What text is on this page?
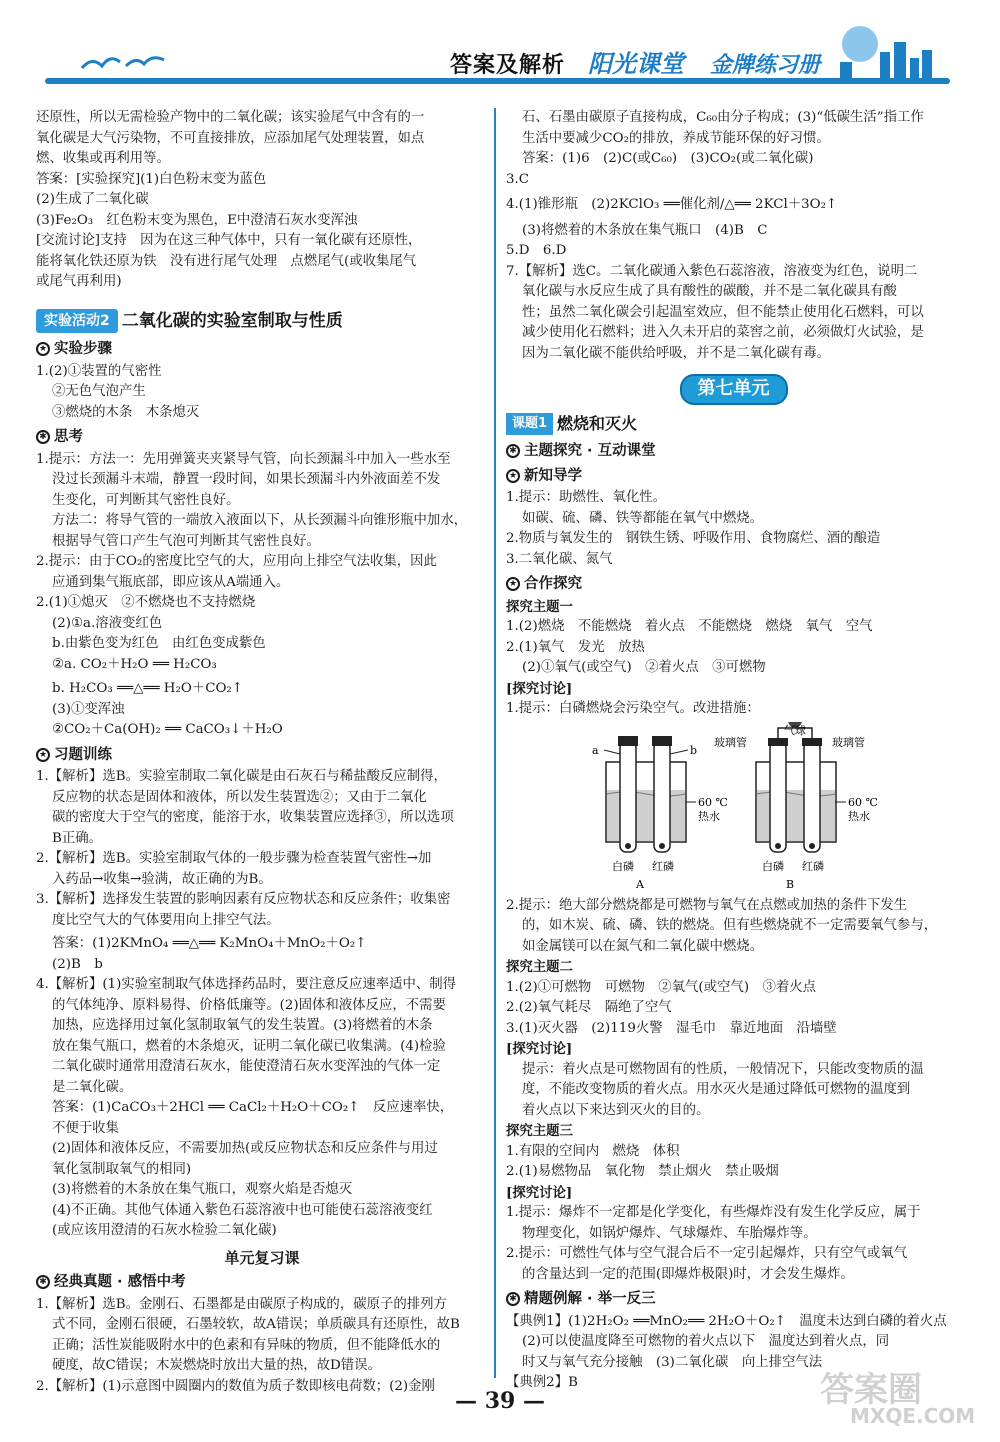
答案及解析 阳光课堂 金牌练习册

还原性，所以无需检验产物中的二氧化碳；该实验尾气中含有的一

氧化碳是大气污染物，不可直接排放，应添加尾气处理装置，如点

燃、收集或再利用等。

答案：[实验探究](1)白色粉末变为蓝色

(2)生成了二氧化碳

(3)Fe₂O₃　红色粉末变为黑色，E中澄清石灰水变浑浊

[交流讨论]支持　因为在这三种气体中，只有一氧化碳有还原性，

能将氧化铁还原为铁　没有进行尾气处理　点燃尾气(或收集尾气

或尾气再利用)

实验活动2 二氧化碳的实验室制取与性质
★ 实验步骤

1.(2)①装置的气密性

②无色气泡产生

③燃烧的木条　木条熄灭

✱ 思考

1.提示：方法一：先用弹簧夹夹紧导气管，向长颈漏斗中加入一些水至

没过长颈漏斗末端，静置一段时间，如果长颈漏斗内外液面差不发

生变化，可判断其气密性良好。

方法二：将导气管的一端放入液面以下，从长颈漏斗向锥形瓶中加水，

根据导气管口产生气泡可判断其气密性良好。

2.提示：由于CO₂的密度比空气的大，应用向上排空气法收集，因此

应通到集气瓶底部，即应该从A端通入。

2.(1)①熄灭　②不燃烧也不支持燃烧

(2)①a.溶液变红色

b.由紫色变为红色　由红色变成紫色

②a. CO₂＋H₂O ══ H₂CO₃

b. H₂CO₃ ══△══ H₂O＋CO₂↑

(3)①变浑浊

②CO₂＋Ca(OH)₂ ══ CaCO₃↓＋H₂O

★ 习题训练

1.【解析】选B。实验室制取二氧化碳是由石灰石与稀盐酸反应制得，

反应物的状态是固体和液体，所以发生装置选②；又由于二氧化

碳的密度大于空气的密度，能溶于水，收集装置应选择③，所以选项

B正确。

2.【解析】选B。实验室制取气体的一般步骤为检查装置气密性→加

入药品→收集→验满，故正确的为B。

3.【解析】选择发生装置的影响因素有反应物状态和反应条件；收集密

度比空气大的气体要用向上排空气法。

答案：(1)2KMnO₄ ══△══ K₂MnO₄＋MnO₂＋O₂↑

(2)B　b

4.【解析】(1)实验室制取气体选择药品时，要注意反应速率适中、制得

的气体纯净、原料易得、价格低廉等。(2)固体和液体反应，不需要

加热，应选择用过氧化氢制取氧气的发生装置。(3)将燃着的木条

放在集气瓶口，燃着的木条熄灭，证明二氧化碳已收集满。(4)检验

二氧化碳时通常用澄清石灰水，能使澄清石灰水变浑浊的气体一定

是二氧化碳。

答案：(1)CaCO₃＋2HCl ══ CaCl₂＋H₂O＋CO₂↑　反应速率快，

不便于收集

(2)固体和液体反应，不需要加热(或反应物状态和反应条件与用过

氧化氢制取氧气的相同)

(3)将燃着的木条放在集气瓶口，观察火焰是否熄灭

(4)不正确。其他气体通入紫色石蕊溶液中也可能使石蕊溶液变红

(或应该用澄清的石灰水检验二氧化碳)

单元复习课
✱ 经典真题 · 感悟中考

1.【解析】选B。金刚石、石墨都是由碳原子构成的，碳原子的排列方

式不同，金刚石很硬，石墨较软，故A错误；单质碳具有还原性，故B

正确；活性炭能吸附水中的色素和有异味的物质，但不能降低水的

硬度，故C错误；木炭燃烧时放出大量的热，故D错误。

2.【解析】(1)示意图中圆圈内的数值为质子数即核电荷数；(2)金刚

石、石墨由碳原子直接构成，C₆₀由分子构成；(3)“低碳生活”指工作

生活中要减少CO₂的排放，养成节能环保的好习惯。

答案：(1)6　(2)C(或C₆₀)　(3)CO₂(或二氧化碳)

3.C

4.(1)锥形瓶　(2)2KClO₃ ══催化剂/△══ 2KCl＋3O₂↑

(3)将燃着的木条放在集气瓶口　(4)B　C

5.D　6.D

7.【解析】选C。二氧化碳通入紫色石蕊溶液，溶液变为红色，说明二

氧化碳与水反应生成了具有酸性的碳酸，并不是二氧化碳具有酸

性；虽然二氧化碳会引起温室效应，但不能禁止使用化石燃料，可以

减少使用化石燃料；进入久未开启的菜窖之前，必须做灯火试验，是

因为二氧化碳不能供给呼吸，并不是二氧化碳有毒。

第七单元
课题1 燃烧和灭火
✱ 主题探究 · 互动课堂
★ 新知导学

1.提示：助燃性、氧化性。

如碳、硫、磷、铁等都能在氧气中燃烧。

2.物质与氧发生的　钢铁生锈、呼吸作用、食物腐烂、酒的酿造

3.二氧化碳、氮气

★ 合作探究

探究主题一

1.(2)燃烧　不能燃烧　着火点　不能燃烧　燃烧　氧气　空气

2.(1)氧气　发光　放热

(2)①氧气(或空气)　②着火点　③可燃物

[探究讨论]

1.提示：白磷燃烧会污染空气。改进措施：

a	b
60 ℃
热水
白磷 红磷
A
气球
玻璃管	玻璃管
60 ℃
热水
白磷 红磷
B

2.提示：绝大部分燃烧都是可燃物与氧气在点燃或加热的条件下发生

的，如木炭、硫、磷、铁的燃烧。但有些燃烧就不一定需要氧气参与，

如金属镁可以在氮气和二氧化碳中燃烧。

探究主题二

1.(2)①可燃物　可燃物　②氧气(或空气)　③着火点

2.(2)氧气耗尽　隔绝了空气

3.(1)灭火器　(2)119火警　湿毛巾　靠近地面　沿墙壁

[探究讨论]

提示：着火点是可燃物固有的性质，一般情况下，只能改变物质的温

度，不能改变物质的着火点。用水灭火是通过降低可燃物的温度到

着火点以下来达到灭火的目的。

探究主题三

1.有限的空间内　燃烧　体积

2.(1)易燃物品　氧化物　禁止烟火　禁止吸烟

[探究讨论]

1.提示：爆炸不一定都是化学变化，有些爆炸没有发生化学反应，属于

物理变化，如锅炉爆炸、气球爆炸、车胎爆炸等。

2.提示：可燃性气体与空气混合后不一定引起爆炸，只有空气或氧气

的含量达到一定的范围(即爆炸极限)时，才会发生爆炸。

✱ 精题例解 · 举一反三

【典例1】(1)2H₂O₂ ══MnO₂══ 2H₂O＋O₂↑　温度未达到白磷的着火点

(2)可以使温度降至可燃物的着火点以下　温度达到着火点，同

时又与氧气充分接触　(3)二氧化碳　向上排空气法

【典例2】B

— 39 —	答案圈
MXQE.COM
